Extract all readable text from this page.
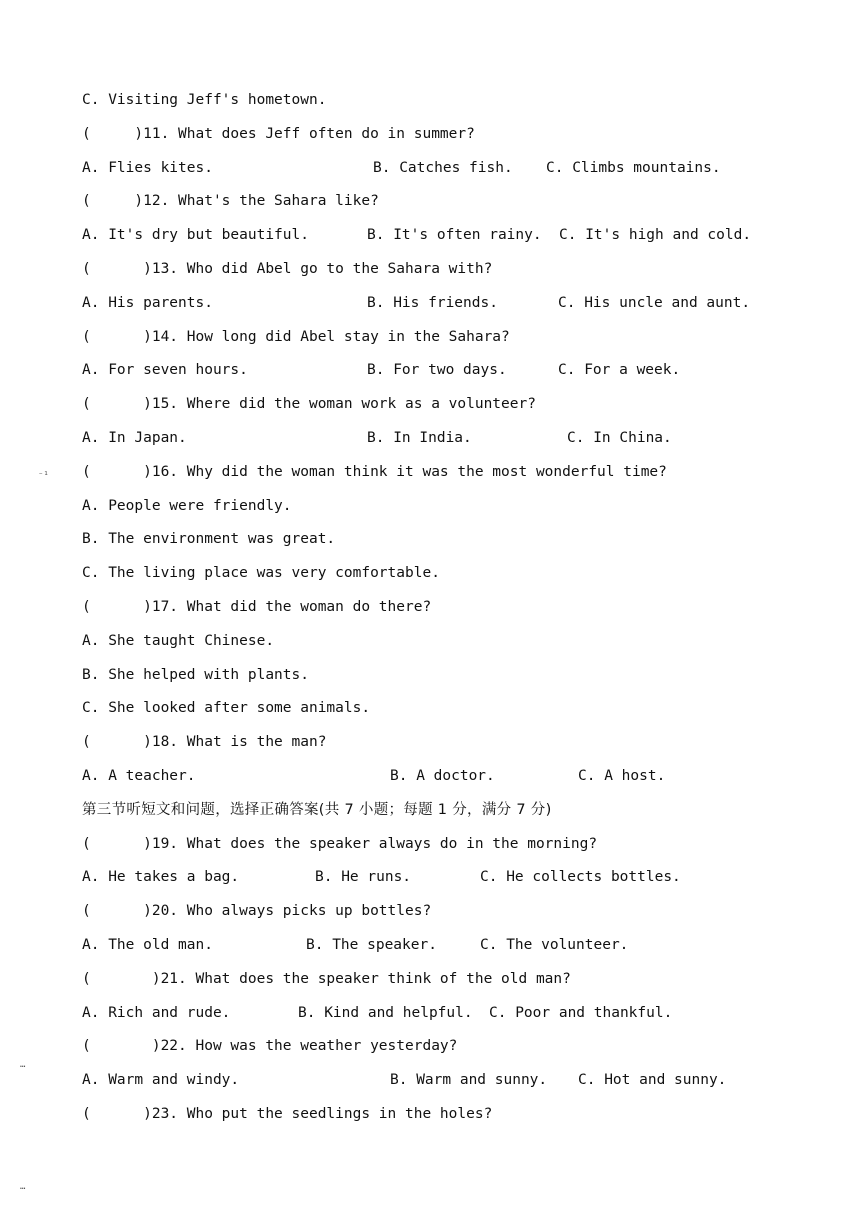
⁻¹
…
…
C. Visiting Jeff's hometown.
(     )11. What does Jeff often do in summer?
A. Flies kites.	B. Catches fish. C. Climbs mountains.
(     )12. What's the Sahara like?
A. It's dry but beautiful.	B. It's often rainy. C. It's high and cold.
(      )13. Who did Abel go to the Sahara with?
A. His parents.	B. His friends.	C. His uncle and aunt.
(      )14. How long did Abel stay in the Sahara?
A. For seven hours.	B. For two days.	C. For a week.
(      )15. Where did the woman work as a volunteer?
A. In Japan.	B. In India.	C. In China.
(      )16. Why did the woman think it was the most wonderful time?
A. People were friendly.
B. The environment was great.
C. The living place was very comfortable.
(      )17. What did the woman do there?
A. She taught Chinese.
B. She helped with plants.
C. She looked after some animals.
(      )18. What is the man?
A. A teacher.	B. A doctor.	C. A host.
第三节听短文和问题，选择正确答案(共 7 小题；每题 1 分，满分 7 分)
(      )19. What does the speaker always do in the morning?
A. He takes a bag.	B. He runs.	C. He collects bottles.
(      )20. Who always picks up bottles?
A. The old man.	B. The speaker.	C. The volunteer.
(       )21. What does the speaker think of the old man?
A. Rich and rude.	B. Kind and helpful. C. Poor and thankful.
(       )22. How was the weather yesterday?
A. Warm and windy.	B. Warm and sunny. C. Hot and sunny.
(      )23. Who put the seedlings in the holes?
